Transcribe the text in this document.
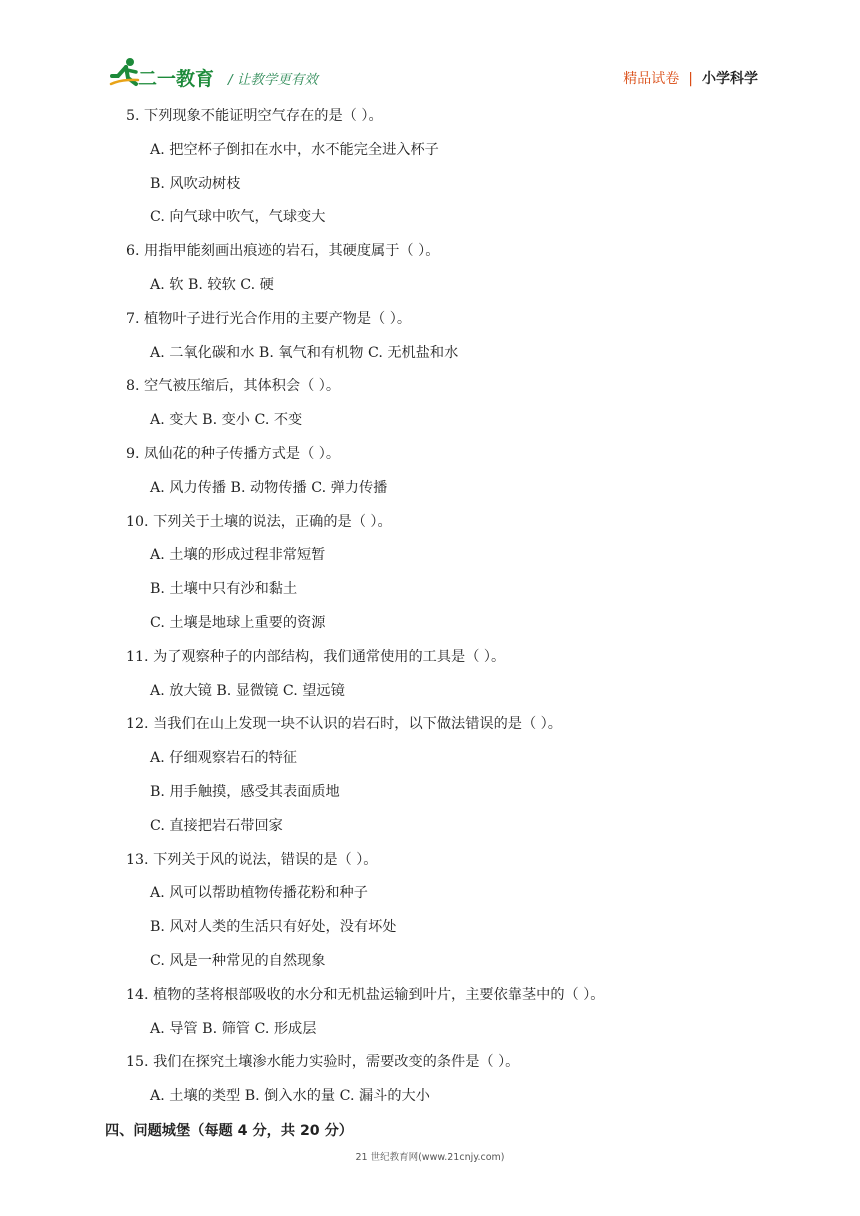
二一教育 / 让教学更有效	精品试卷 | 小学科学
5. 下列现象不能证明空气存在的是（ ）。
A. 把空杯子倒扣在水中，水不能完全进入杯子
B. 风吹动树枝
C. 向气球中吹气，气球变大
6. 用指甲能刻画出痕迹的岩石，其硬度属于（ ）。
A. 软 B. 较软 C. 硬
7. 植物叶子进行光合作用的主要产物是（ ）。
A. 二氧化碳和水 B. 氧气和有机物 C. 无机盐和水
8. 空气被压缩后，其体积会（ ）。
A. 变大 B. 变小 C. 不变
9. 凤仙花的种子传播方式是（ ）。
A. 风力传播 B. 动物传播 C. 弹力传播
10. 下列关于土壤的说法，正确的是（ ）。
A. 土壤的形成过程非常短暂
B. 土壤中只有沙和黏土
C. 土壤是地球上重要的资源
11. 为了观察种子的内部结构，我们通常使用的工具是（ ）。
A. 放大镜 B. 显微镜 C. 望远镜
12. 当我们在山上发现一块不认识的岩石时，以下做法错误的是（ ）。
A. 仔细观察岩石的特征
B. 用手触摸，感受其表面质地
C. 直接把岩石带回家
13. 下列关于风的说法，错误的是（ ）。
A. 风可以帮助植物传播花粉和种子
B. 风对人类的生活只有好处，没有坏处
C. 风是一种常见的自然现象
14. 植物的茎将根部吸收的水分和无机盐运输到叶片，主要依靠茎中的（ ）。
A. 导管 B. 筛管 C. 形成层
15. 我们在探究土壤渗水能力实验时，需要改变的条件是（ ）。
A. 土壤的类型 B. 倒入水的量 C. 漏斗的大小
四、问题城堡（每题 4 分，共 20 分）
21 世纪教育网(www.21cnjy.com)
